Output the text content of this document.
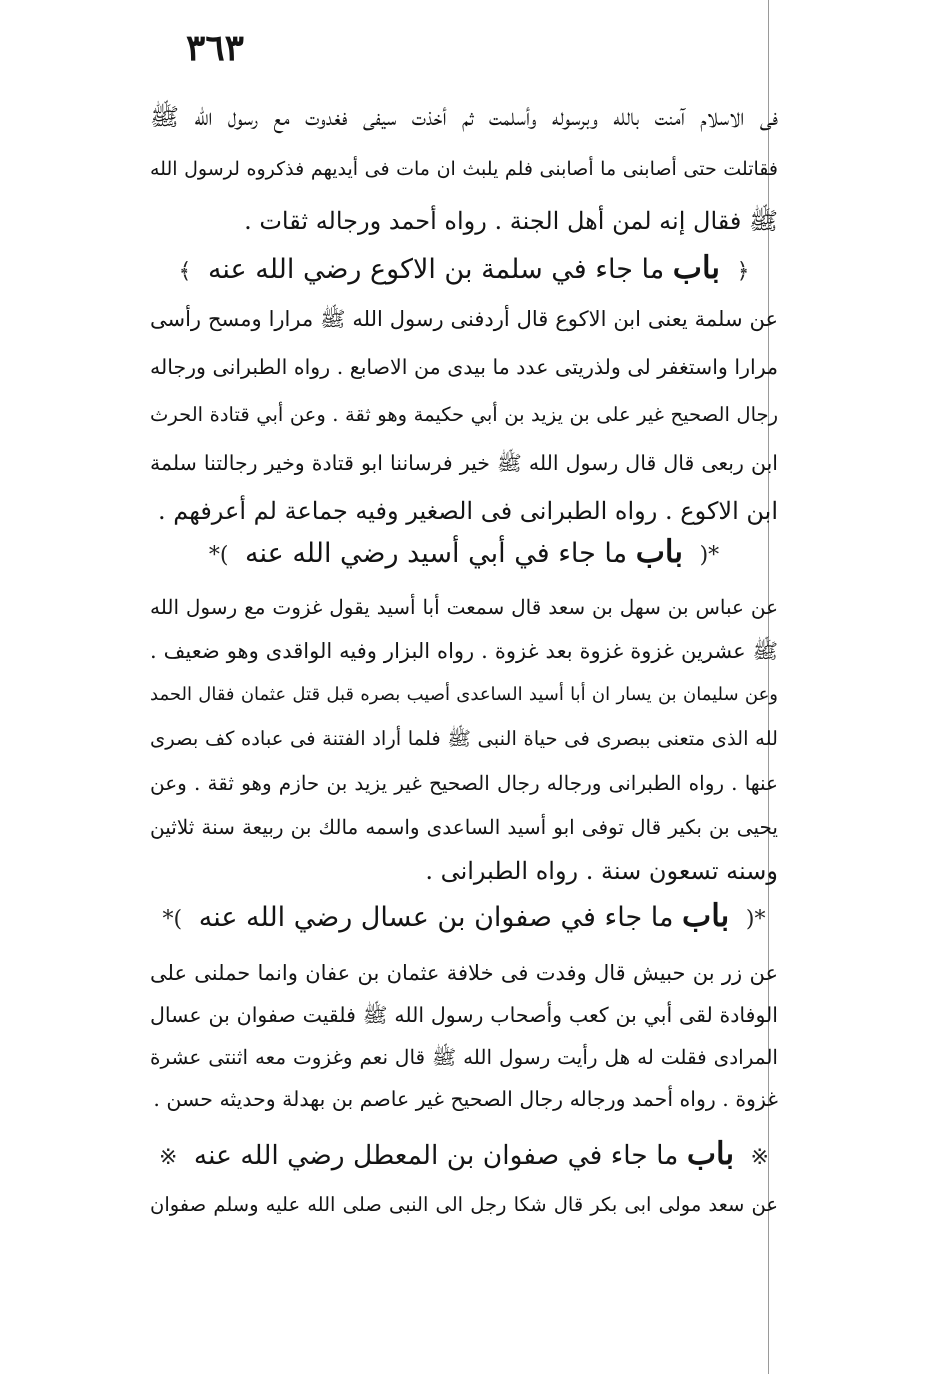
٣٦٣
فى الاسلام آمنت بالله وبرسوله وأسلمت ثم أخذت سيفى فغدوت مع رسول الله ﷺ
فقاتلت حتى أصابنى ما أصابنى فلم يلبث ان مات فى أيديهم فذكروه لرسول الله
ﷺ فقال إنه لمن أهل الجنة . رواه أحمد ورجاله ثقات .
﴿ باب ما جاء في سلمة بن الاكوع رضي الله عنه ﴾
عن سلمة يعنى ابن الاكوع قال أردفنى رسول الله ﷺ مرارا ومسح رأسى
مرارا واستغفر لى ولذريتى عدد ما بيدى من الاصابع . رواه الطبرانى ورجاله
رجال الصحيح غير على بن يزيد بن أبي حكيمة وهو ثقة . وعن أبي قتادة الحرث
ابن ربعى قال قال رسول الله ﷺ خير فرساننا ابو قتادة وخير رجالتنا سلمة
ابن الاكوع . رواه الطبرانى فى الصغير وفيه جماعة لم أعرفهم .
*( باب ما جاء في أبي أسيد رضي الله عنه )*
عن عباس بن سهل بن سعد قال سمعت أبا أسيد يقول غزوت مع رسول الله
ﷺ عشرين غزوة غزوة بعد غزوة . رواه البزار وفيه الواقدى وهو ضعيف .
وعن سليمان بن يسار ان أبا أسيد الساعدى أصيب بصره قبل قتل عثمان فقال الحمد
لله الذى متعنى ببصرى فى حياة النبى ﷺ فلما أراد الفتنة فى عباده كف بصرى
عنها . رواه الطبرانى ورجاله رجال الصحيح غير يزيد بن حازم وهو ثقة . وعن
يحيى بن بكير قال توفى ابو أسيد الساعدى واسمه مالك بن ربيعة سنة ثلاثين
وسنه تسعون سنة . رواه الطبرانى .
*( باب ما جاء في صفوان بن عسال رضي الله عنه )*
عن زر بن حبيش قال وفدت فى خلافة عثمان بن عفان وانما حملنى على
الوفادة لقى أبي بن كعب وأصحاب رسول الله ﷺ فلقيت صفوان بن عسال
المرادى فقلت له هل رأيت رسول الله ﷺ قال نعم وغزوت معه اثنتى عشرة
غزوة . رواه أحمد ورجاله رجال الصحيح غير عاصم بن بهدلة وحديثه حسن .
※ باب ما جاء في صفوان بن المعطل رضي الله عنه ※
عن سعد مولى ابى بكر قال شكا رجل الى النبى صلى الله عليه وسلم صفوان
